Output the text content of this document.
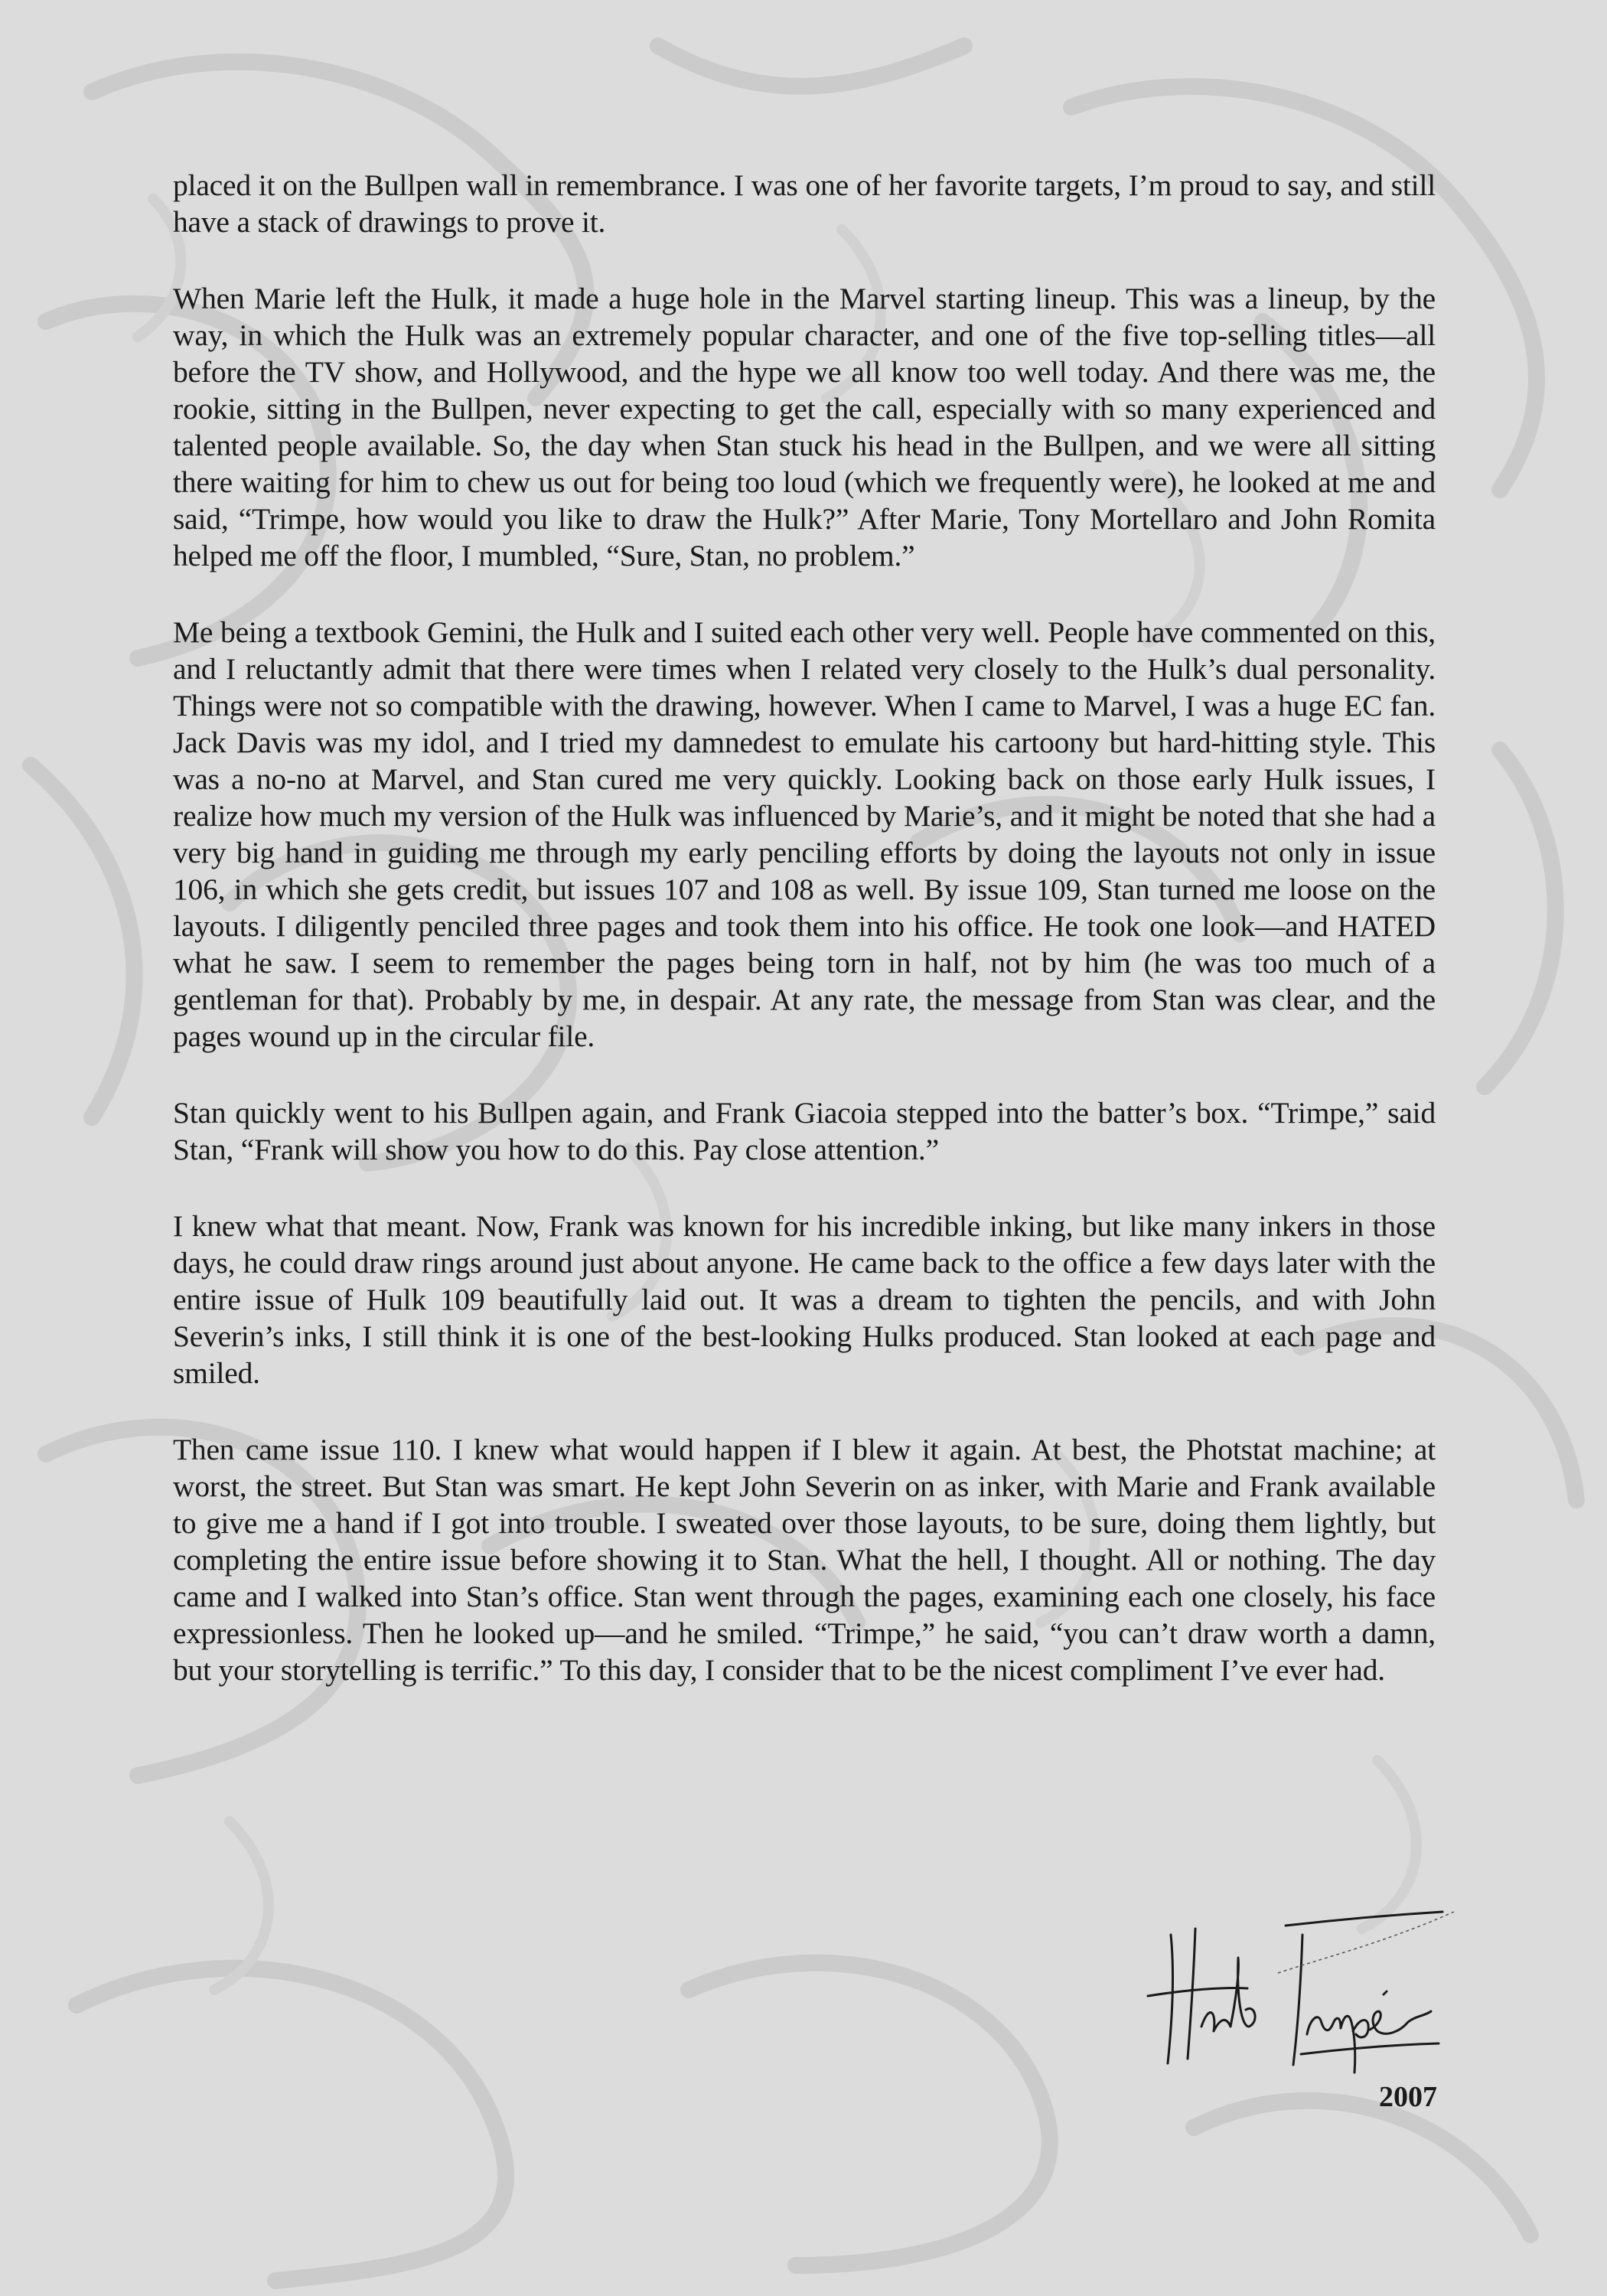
placed it on the Bullpen wall in remembrance. I was one of her favorite targets, I’m proud to say, and still have a stack of drawings to prove it.

When Marie left the Hulk, it made a huge hole in the Marvel starting lineup. This was a lineup, by the way, in which the Hulk was an extremely popular character, and one of the five top-selling titles—all before the TV show, and Hollywood, and the hype we all know too well today. And there was me, the rookie, sitting in the Bullpen, never expecting to get the call, especially with so many experienced and talented people available. So, the day when Stan stuck his head in the Bullpen, and we were all sitting there waiting for him to chew us out for being too loud (which we frequently were), he looked at me and said, “Trimpe, how would you like to draw the Hulk?” After Marie, Tony Mortellaro and John Romita helped me off the floor, I mumbled, “Sure, Stan, no problem.”

Me being a textbook Gemini, the Hulk and I suited each other very well. People have commented on this, and I reluctantly admit that there were times when I related very closely to the Hulk’s dual personality. Things were not so compatible with the drawing, however. When I came to Marvel, I was a huge EC fan. Jack Davis was my idol, and I tried my damnedest to emulate his cartoony but hard-hitting style. This was a no-no at Marvel, and Stan cured me very quickly. Looking back on those early Hulk issues, I realize how much my version of the Hulk was influenced by Marie’s, and it might be noted that she had a very big hand in guiding me through my early penciling efforts by doing the layouts not only in issue 106, in which she gets credit, but issues 107 and 108 as well. By issue 109, Stan turned me loose on the layouts. I diligently penciled three pages and took them into his office. He took one look—and HATED what he saw. I seem to remember the pages being torn in half, not by him (he was too much of a gentleman for that). Probably by me, in despair. At any rate, the message from Stan was clear, and the pages wound up in the circular file.

Stan quickly went to his Bullpen again, and Frank Giacoia stepped into the batter’s box. “Trimpe,” said Stan, “Frank will show you how to do this. Pay close attention.”

I knew what that meant. Now, Frank was known for his incredible inking, but like many inkers in those days, he could draw rings around just about anyone. He came back to the office a few days later with the entire issue of Hulk 109 beautifully laid out. It was a dream to tighten the pencils, and with John Severin’s inks, I still think it is one of the best-looking Hulks produced. Stan looked at each page and smiled.

Then came issue 110. I knew what would happen if I blew it again. At best, the Photstat machine; at worst, the street. But Stan was smart. He kept John Severin on as inker, with Marie and Frank available to give me a hand if I got into trouble. I sweated over those layouts, to be sure, doing them lightly, but completing the entire issue before showing it to Stan. What the hell, I thought. All or nothing. The day came and I walked into Stan’s office. Stan went through the pages, examining each one closely, his face expressionless. Then he looked up—and he smiled. “Trimpe,” he said, “you can’t draw worth a damn, but your storytelling is terrific.” To this day, I consider that to be the nicest compliment I’ve ever had.

2007
